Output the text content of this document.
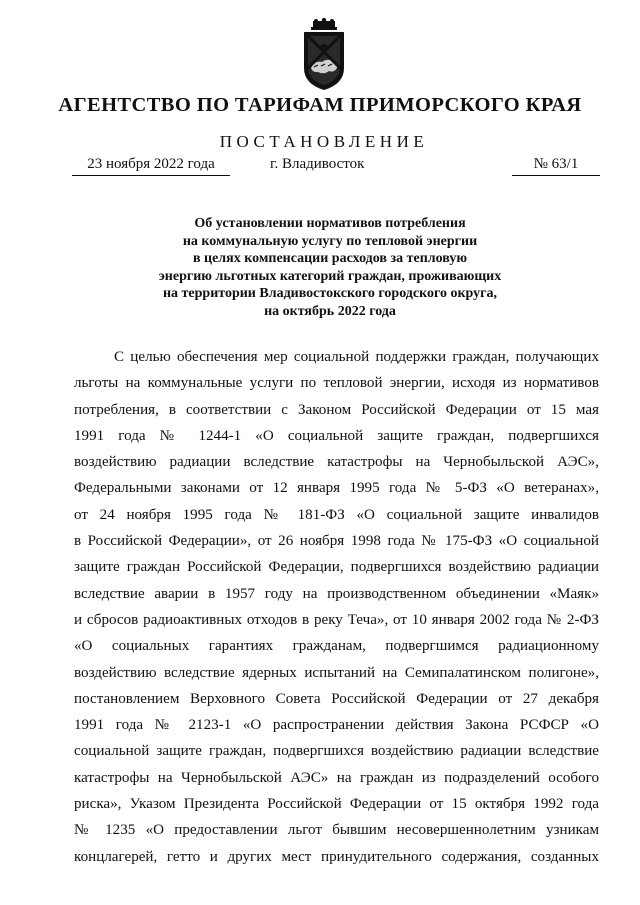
АГЕНТСТВО ПО ТАРИФАМ ПРИМОРСКОГО КРАЯ
ПОСТАНОВЛЕНИЕ
23 ноября 2022 года	г. Владивосток	№ 63/1
Об установлении нормативов потребления
на коммунальную услугу по тепловой энергии
в целях компенсации расходов за тепловую
энергию льготных категорий граждан, проживающих
на территории Владивостокского городского округа,
на октябрь 2022 года
С целью обеспечения мер социальной поддержки граждан, получающих
льготы на коммунальные услуги по тепловой энергии, исходя из нормативов
потребления, в соответствии с Законом Российской Федерации от 15 мая
1991 года № 1244-1 «О социальной защите граждан, подвергшихся
воздействию радиации вследствие катастрофы на Чернобыльской АЭС»,
Федеральными законами от 12 января 1995 года № 5-ФЗ «О ветеранах»,
от 24 ноября 1995 года № 181-ФЗ «О социальной защите инвалидов
в Российской Федерации», от 26 ноября 1998 года № 175-ФЗ «О социальной
защите граждан Российской Федерации, подвергшихся воздействию радиации
вследствие аварии в 1957 году на производственном объединении «Маяк»
и сбросов радиоактивных отходов в реку Теча», от 10 января 2002 года № 2-ФЗ
«О социальных гарантиях гражданам, подвергшимся радиационному
воздействию вследствие ядерных испытаний на Семипалатинском полигоне»,
постановлением Верховного Совета Российской Федерации от 27 декабря
1991 года № 2123-1 «О распространении действия Закона РСФСР «О
социальной защите граждан, подвергшихся воздействию радиации вследствие
катастрофы на Чернобыльской АЭС» на граждан из подразделений особого
риска», Указом Президента Российской Федерации от 15 октября 1992 года
№ 1235 «О предоставлении льгот бывшим несовершеннолетним узникам
концлагерей, гетто и других мест принудительного содержания, созданных
